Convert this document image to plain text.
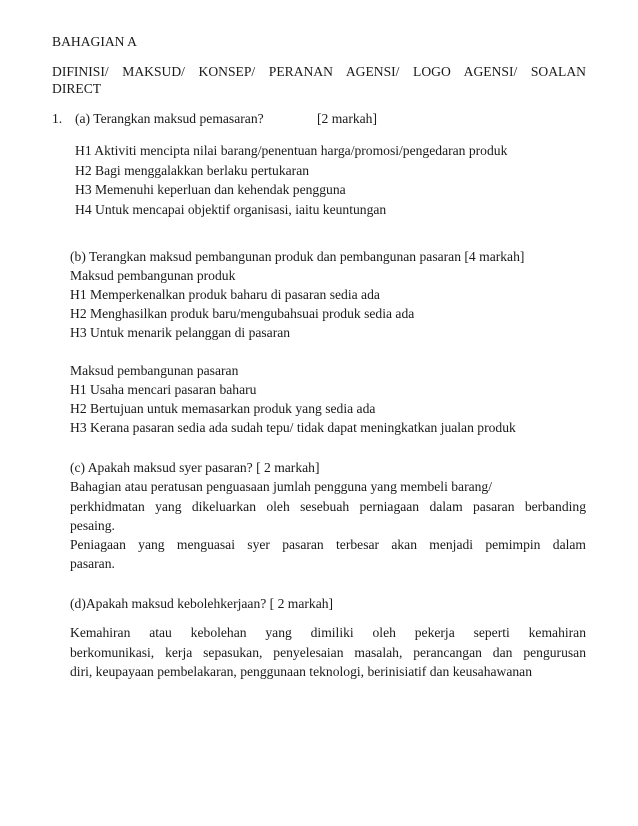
BAHAGIAN A
DIFINISI/ MAKSUD/ KONSEP/ PERANAN AGENSI/ LOGO AGENSI/ SOALAN
DIRECT
1. (a) Terangkan maksud pemasaran?	[2 markah]
H1 Aktiviti mencipta nilai barang/penentuan harga/promosi/pengedaran produk
H2 Bagi menggalakkan berlaku pertukaran
H3 Memenuhi keperluan dan kehendak pengguna
H4 Untuk mencapai objektif organisasi, iaitu keuntungan
(b) Terangkan maksud pembangunan produk dan pembangunan pasaran [4 markah]
Maksud pembangunan produk
H1 Memperkenalkan produk baharu di pasaran sedia ada
H2 Menghasilkan produk baru/mengubahsuai produk sedia ada
H3 Untuk menarik pelanggan di pasaran
Maksud pembangunan pasaran
H1 Usaha mencari pasaran baharu
H2 Bertujuan untuk memasarkan produk yang sedia ada
H3 Kerana pasaran sedia ada sudah tepu/ tidak dapat meningkatkan jualan produk
(c) Apakah maksud syer pasaran? [ 2 markah]
Bahagian atau peratusan penguasaan jumlah pengguna yang membeli barang/
perkhidmatan yang dikeluarkan oleh sesebuah perniagaan dalam pasaran berbanding
pesaing.
Peniagaan yang menguasai syer pasaran terbesar akan menjadi pemimpin dalam
pasaran.
(d)Apakah maksud kebolehkerjaan? [ 2 markah]
Kemahiran atau kebolehan yang dimiliki oleh pekerja seperti kemahiran
berkomunikasi, kerja sepasukan, penyelesaian masalah, perancangan dan pengurusan
diri, keupayaan pembelakaran, penggunaan teknologi, berinisiatif dan keusahawanan
